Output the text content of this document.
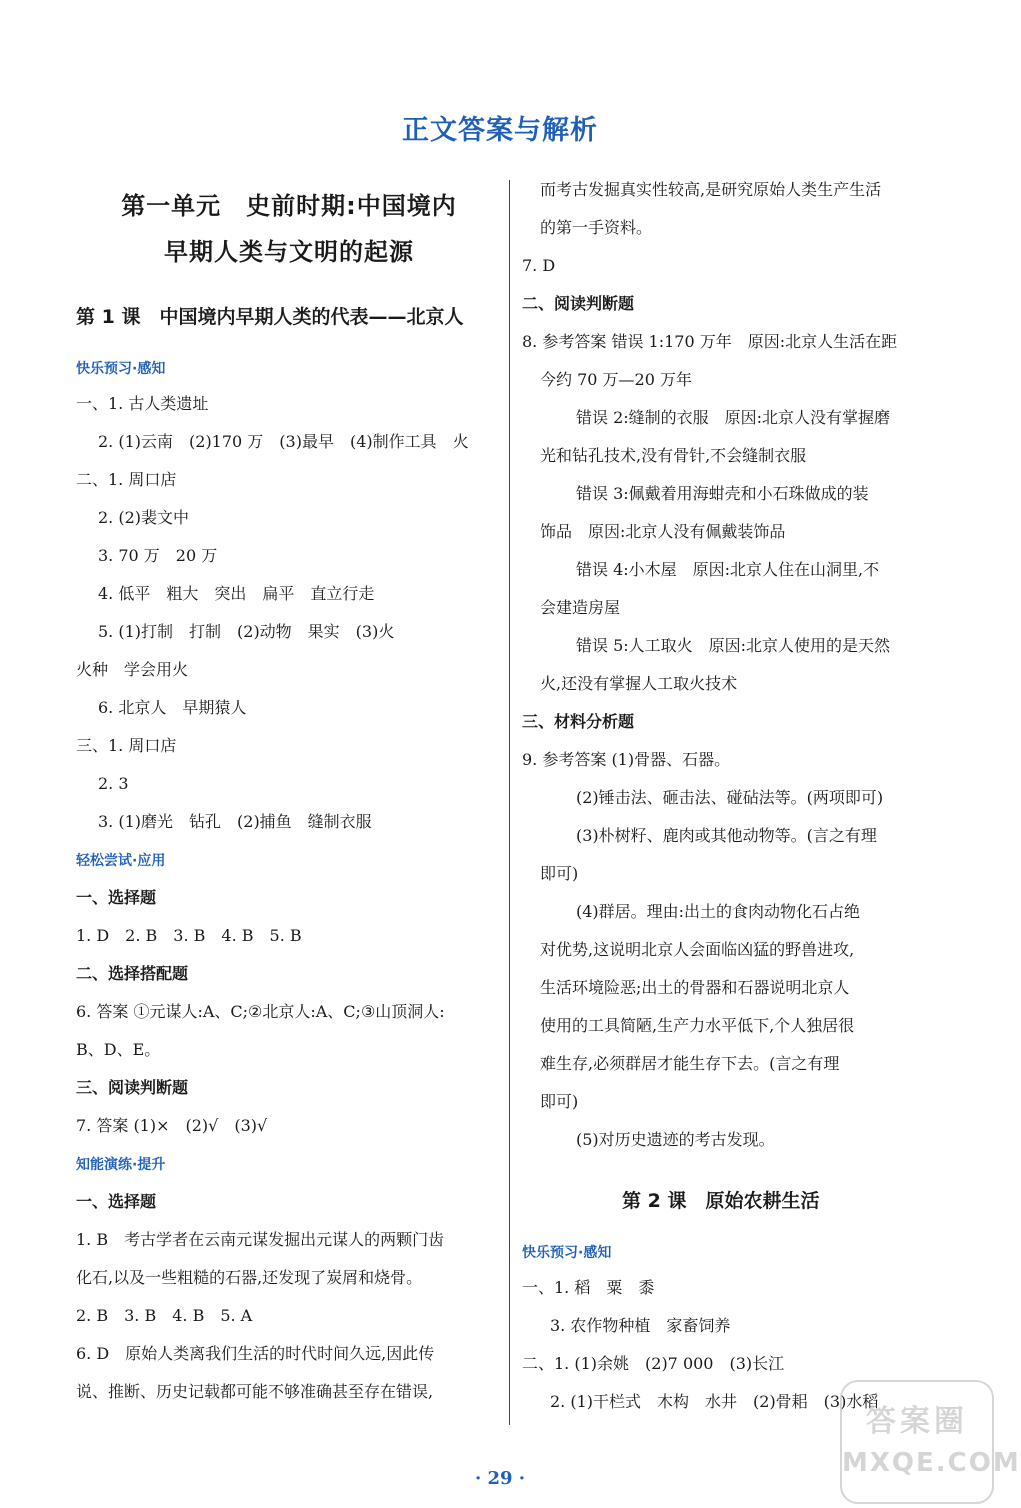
正文答案与解析
第一单元　史前时期:中国境内
早期人类与文明的起源
第 1 课　中国境内早期人类的代表——北京人
快乐预习·感知
一、1. 古人类遗址
2. (1)云南　(2)170 万　(3)最早　(4)制作工具　火
二、1. 周口店
2. (2)裴文中
3. 70 万　20 万
4. 低平　粗大　突出　扁平　直立行走
5. (1)打制　打制　(2)动物　果实　(3)火
火种　学会用火
6. 北京人　早期猿人
三、1. 周口店
2. 3
3. (1)磨光　钻孔　(2)捕鱼　缝制衣服
轻松尝试·应用
一、选择题
1. D　2. B　3. B　4. B　5. B
二、选择搭配题
6. 答案 ①元谋人:A、C;②北京人:A、C;③山顶洞人:
B、D、E。
三、阅读判断题
7. 答案 (1)×　(2)√　(3)√
知能演练·提升
一、选择题
1. B　考古学者在云南元谋发掘出元谋人的两颗门齿
化石,以及一些粗糙的石器,还发现了炭屑和烧骨。
2. B　3. B　4. B　5. A
6. D　原始人类离我们生活的时代时间久远,因此传
说、推断、历史记载都可能不够准确甚至存在错误,
而考古发掘真实性较高,是研究原始人类生产生活
的第一手资料。
7. D
二、阅读判断题
8. 参考答案 错误 1:170 万年　原因:北京人生活在距
今约 70 万—20 万年
错误 2:缝制的衣服　原因:北京人没有掌握磨
光和钻孔技术,没有骨针,不会缝制衣服
错误 3:佩戴着用海蚶壳和小石珠做成的装
饰品　原因:北京人没有佩戴装饰品
错误 4:小木屋　原因:北京人住在山洞里,不
会建造房屋
错误 5:人工取火　原因:北京人使用的是天然
火,还没有掌握人工取火技术
三、材料分析题
9. 参考答案 (1)骨器、石器。
(2)锤击法、砸击法、碰砧法等。(两项即可)
(3)朴树籽、鹿肉或其他动物等。(言之有理
即可)
(4)群居。理由:出土的食肉动物化石占绝
对优势,这说明北京人会面临凶猛的野兽进攻,
生活环境险恶;出土的骨器和石器说明北京人
使用的工具简陋,生产力水平低下,个人独居很
难生存,必须群居才能生存下去。(言之有理
即可)
(5)对历史遗迹的考古发现。
第 2 课　原始农耕生活
快乐预习·感知
一、1. 稻　粟　黍
3. 农作物种植　家畜饲养
二、1. (1)余姚　(2)7 000　(3)长江
2. (1)干栏式　木构　水井　(2)骨耜　(3)水稻
· 29 ·
答案圈
MXQE.COM
